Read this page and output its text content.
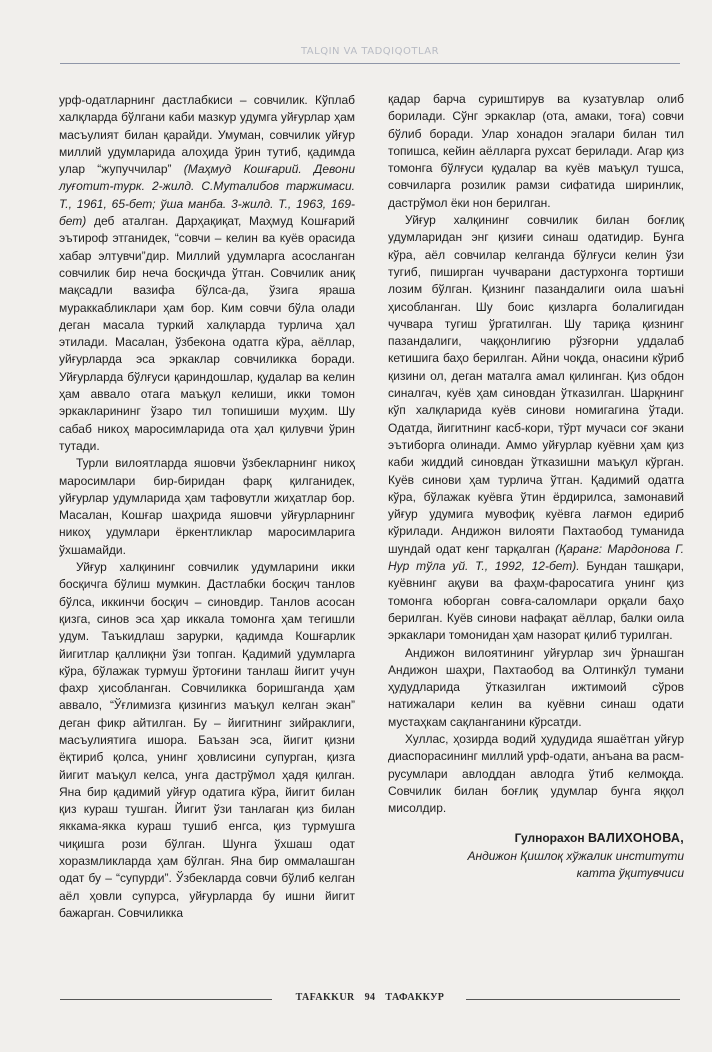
TALQIN VA TADQIQOTLAR

урф-одатларнинг дастлабкиси – совчилик. Кўплаб халқларда бўлгани каби мазкур удумга уйғурлар ҳам масъулият билан қарайди. Умуман, совчилик уйғур миллий удумларида алоҳида ўрин тутиб, қадимда улар “жупуччилар” (Маҳмуд Кошғарий. Девони луғотит-турк. 2-жилд. С.Муталибов таржимаси. Т., 1961, 65-бет; ўша манба. 3-жилд. Т., 1963, 169-бет) деб аталган. Дарҳақиқат, Маҳмуд Кошғарий эътироф этганидек, “совчи – келин ва куёв орасида хабар элтувчи”дир. Миллий удумларга асосланган совчилик бир неча босқичда ўтган. Совчилик аниқ мақсадли вазифа бўлса-да, ўзига яраша мураккабликлари ҳам бор. Ким совчи бўла олади деган масала туркий халқларда турлича ҳал этилади. Масалан, ўзбекона одатга кўра, аёллар, уйғурларда эса эркаклар совчиликка боради. Уйғурларда бўлғуси қариндошлар, қудалар ва келин ҳам аввало отага маъқул келиши, икки томон эркакларининг ўзаро тил топишиши муҳим. Шу сабаб никоҳ маросимларида ота ҳал қилувчи ўрин тутади.

Турли вилоятларда яшовчи ўзбекларнинг никоҳ маросимлари бир-биридан фарқ қилганидек, уйғурлар удумларида ҳам тафовутли жиҳатлар бор. Масалан, Кошғар шаҳрида яшовчи уйғурларнинг никоҳ удумлари ёркентликлар маросимларига ўхшамайди.

Уйғур халқининг совчилик удумларини икки босқичга бўлиш мумкин. Дастлабки босқич танлов бўлса, иккинчи босқич – синовдир. Танлов асосан қизга, синов эса ҳар иккала томонга ҳам тегишли удум. Таъкидлаш зарурки, қадимда Кошғарлик йигитлар қаллиқни ўзи топган. Қадимий удумларга кўра, бўлажак турмуш ўртоғини танлаш йигит учун фахр ҳисобланган. Совчиликка боришганда ҳам аввало, “Ўғлимизга қизингиз маъқул келган экан” деган фикр айтилган. Бу – йигитнинг зийраклиги, масъулиятига ишора. Баъзан эса, йигит қизни ёқтириб қолса, унинг ҳовлисини супурган, қизга йигит маъқул келса, унга дастрўмол ҳадя қилган. Яна бир қадимий уйғур одатига кўра, йигит билан қиз кураш тушган. Йигит ўзи танлаган қиз билан яккама-якка кураш тушиб енгса, қиз турмушга чиқишга рози бўлган. Шунга ўхшаш одат хоразмликларда ҳам бўлган. Яна бир оммалашган одат бу – “супурди”. Ўзбекларда совчи бўлиб келган аёл ҳовли супурса, уйғурларда бу ишни йигит бажарган. Совчиликка

қадар барча суриштирув ва кузатувлар олиб борилади. Сўнг эркаклар (ота, амаки, тоға) совчи бўлиб боради. Улар хонадон эгалари билан тил топишса, кейин аёлларга рухсат берилади. Агар қиз томонга бўлғуси қудалар ва куёв маъқул тушса, совчиларга розилик рамзи сифатида ширинлик, дастрўмол ёки нон берилган.

Уйғур халқининг совчилик билан боғлиқ удумларидан энг қизиғи синаш одатидир. Бунга кўра, аёл совчилар келганда бўлғуси келин ўзи тугиб, пиширган чучварани дастурхонга тортиши лозим бўлган. Қизнинг пазандалиги оила шаънi ҳисобланган. Шу боис қизларга болалигидан чучвара тугиш ўргатилган. Шу тариқа қизнинг пазандалиги, чаққонлигию рўзғорни уддалаб кетишига баҳо берилган. Айни чоқда, онасини кўриб қизини ол, деган маталга амал қилинган. Қиз обдон синалгач, куёв ҳам синовдан ўтказилган. Шарқнинг кўп халқларида куёв синови номигагина ўтади. Одатда, йигитнинг касб-кори, тўрт мучаси соғ экани эътиборга олинади. Аммо уйғурлар куёвни ҳам қиз каби жиддий синовдан ўтказишни маъқул кўрган. Куёв синови ҳам турлича ўтган. Қадимий одатга кўра, бўлажак куёвга ўтин ёрдирилса, замонавий уйғур удумига мувофиқ куёвга лағмон едириб кўрилади. Андижон вилояти Пахтаобод туманида шундай одат кенг тарқалган (Қаранг: Мардонова Г. Нур тўла уй. Т., 1992, 12-бет). Бундан ташқари, куёвнинг ақуви ва фаҳм-фаросатига унинг қиз томонга юборган совға-саломлари орқали баҳо берилган. Куёв синови нафақат аёллар, балки оила эркаклари томонидан ҳам назорат қилиб турилган.

Андижон вилоятининг уйғурлар зич ўрнашган Андижон шаҳри, Пахтаобод ва Олтинкўл тумани ҳудудларида ўтказилган ижтимоий сўров натижалари келин ва куёвни синаш одати мустаҳкам сақланганини кўрсатди.

Хуллас, ҳозирда водий ҳудудида яшаётган уйғур диаспорасининг миллий урф-одати, анъана ва расм-русумлари авлоддан авлодга ўтиб келмоқда. Совчилик билан боғлиқ удумлар бунга яққол мисолдир.

Гулнорахон ВАЛИХОНОВА,
Андижон Қишлоқ хўжалик институти
катта ўқитувчиси
TAFAKKUR 94 ТАФАККУР
